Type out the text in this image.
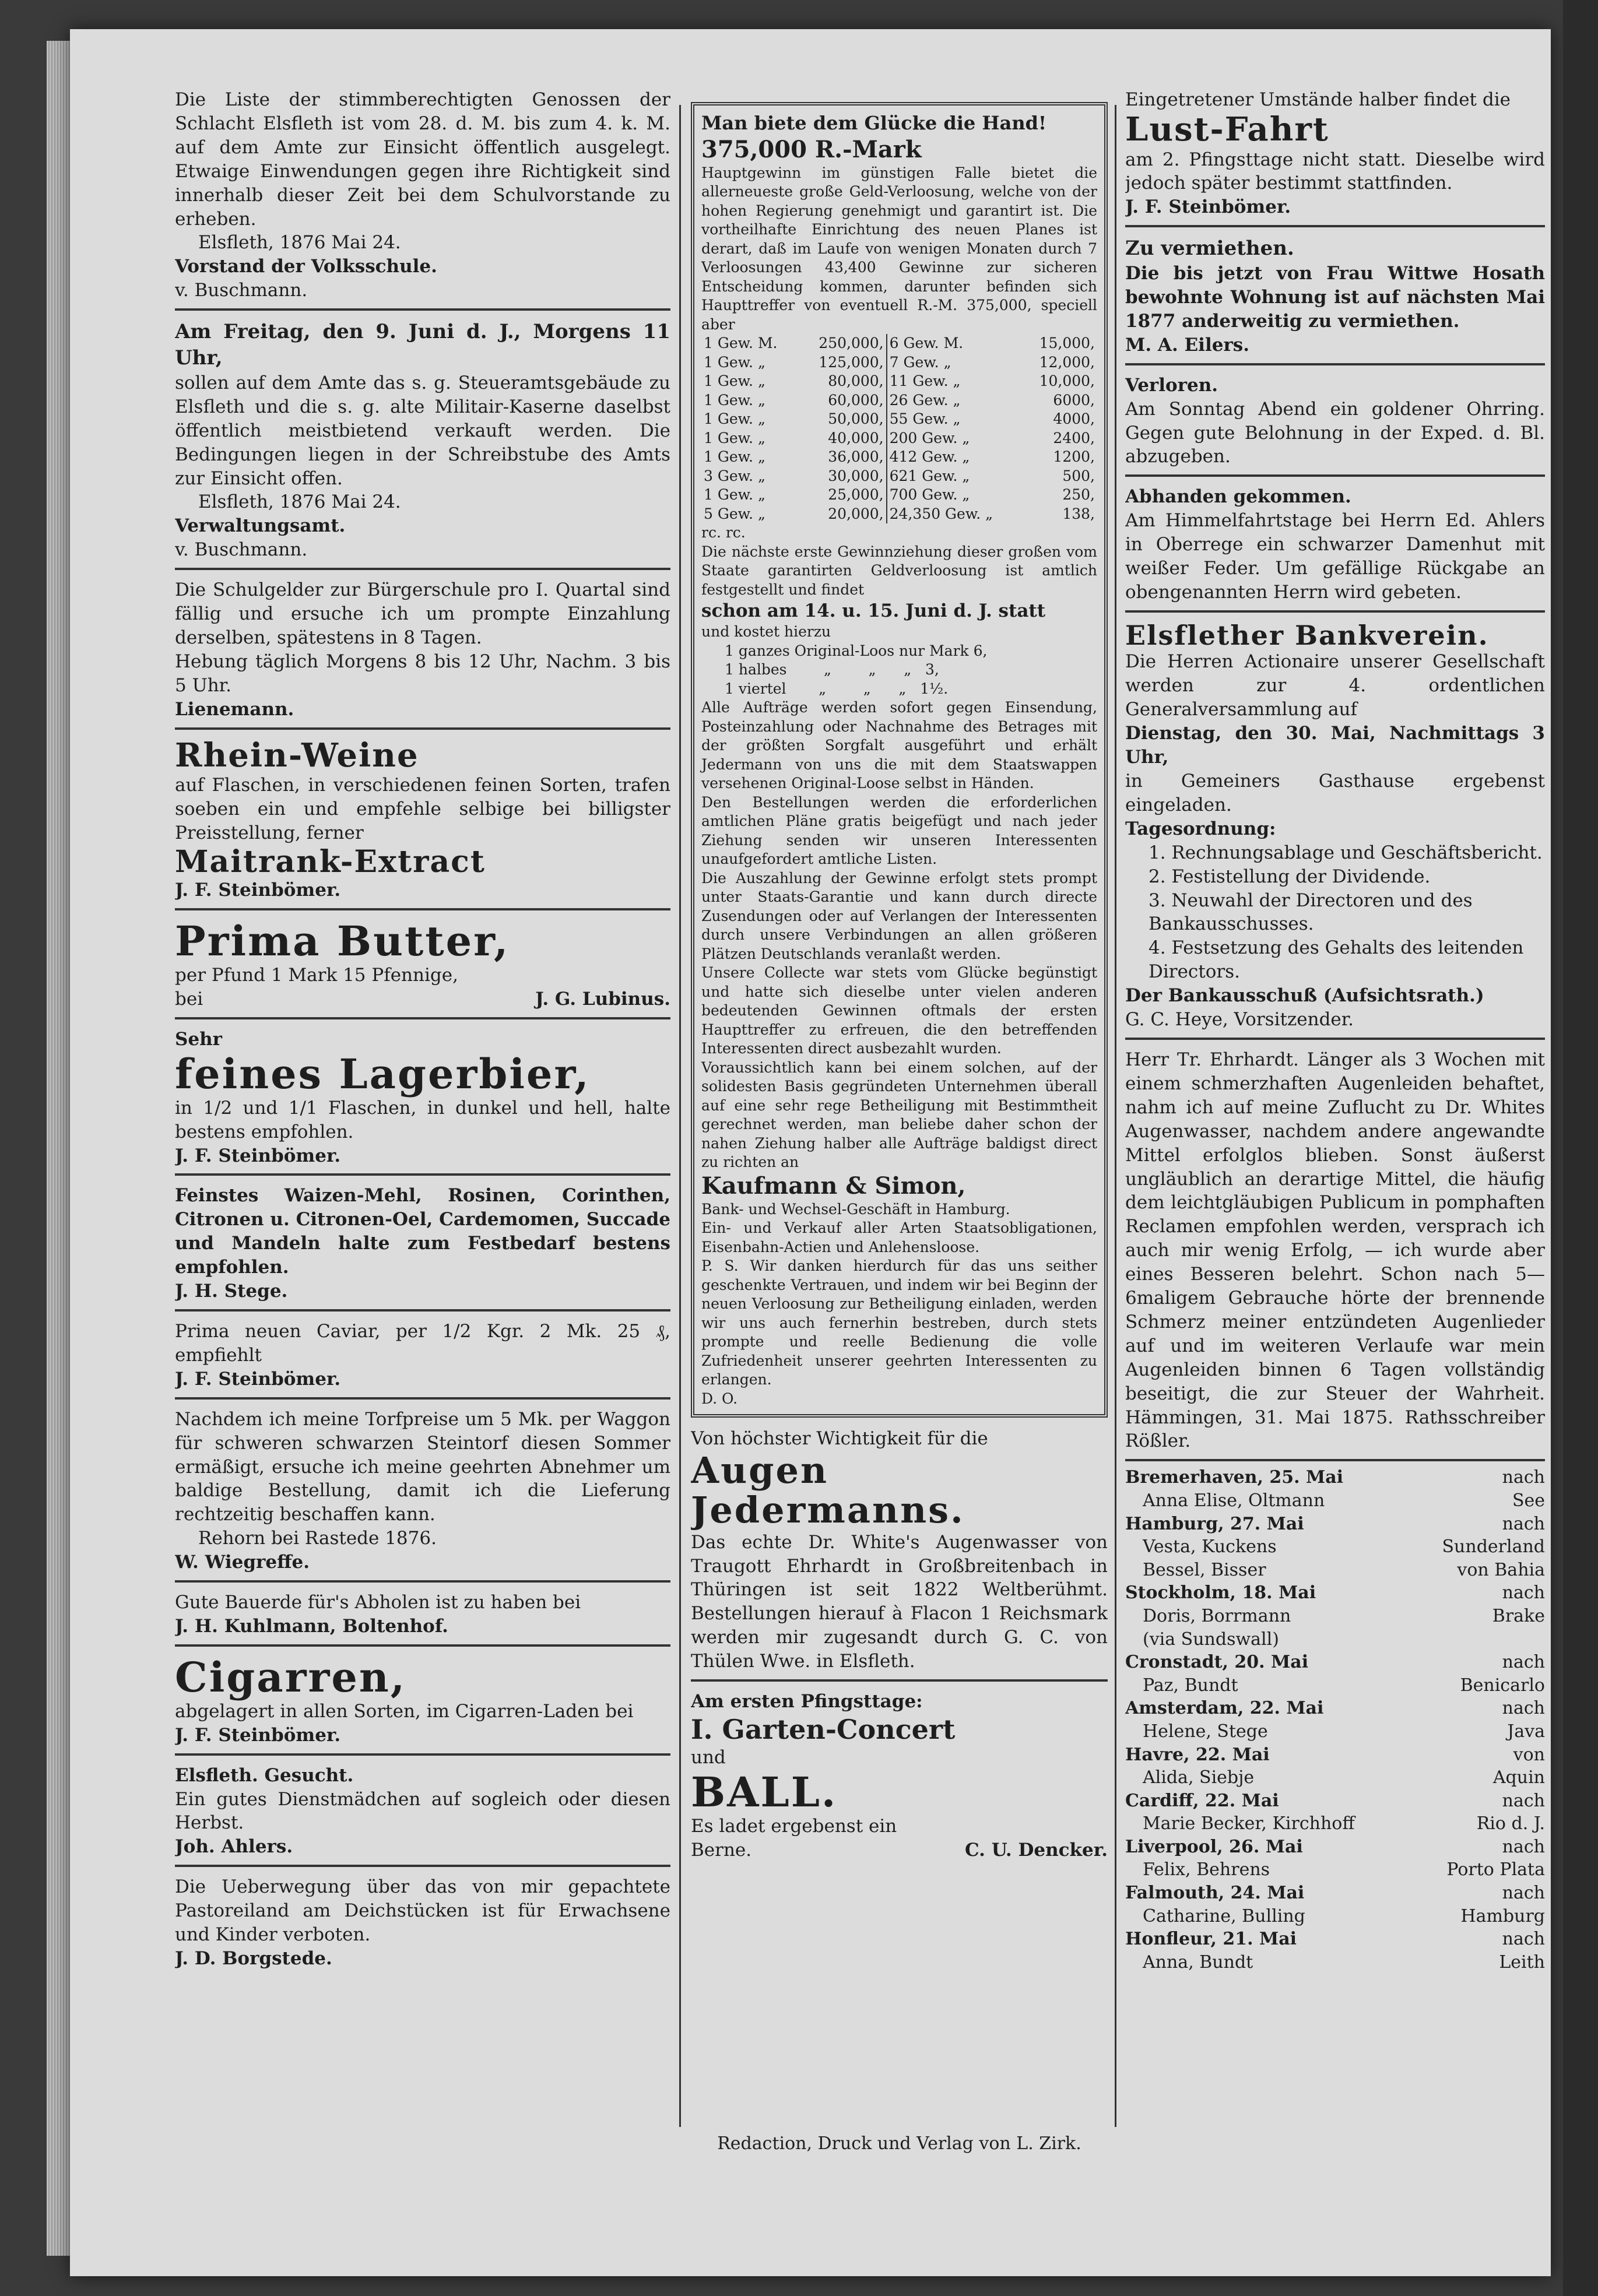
Die Liste der stimmberechtigten Genossen der Schlacht Elsfleth ist vom 28. d. M. bis zum 4. k. M. auf dem Amte zur Einsicht öffentlich ausgelegt. Etwaige Einwendungen gegen ihre Richtigkeit sind innerhalb dieser Zeit bei dem Schulvorstande zu erheben.

Elsfleth, 1876 Mai 24.

Vorstand der Volksschule.

v. Buschmann.

Am Freitag, den 9. Juni d. J., Morgens 11 Uhr,

sollen auf dem Amte das s. g. Steueramtsgebäude zu Elsfleth und die s. g. alte Militair-Kaserne daselbst öffentlich meistbietend verkauft werden. Die Bedingungen liegen in der Schreibstube des Amts zur Einsicht offen.

Elsfleth, 1876 Mai 24.

Verwaltungsamt.

v. Buschmann.

Die Schulgelder zur Bürgerschule pro I. Quartal sind fällig und ersuche ich um prompte Einzahlung derselben, spätestens in 8 Tagen.

Hebung täglich Morgens 8 bis 12 Uhr, Nachm. 3 bis 5 Uhr.

Lienemann.

Rhein-Weine

auf Flaschen, in verschiedenen feinen Sorten, trafen soeben ein und empfehle selbige bei billigster Preisstellung, ferner

Maitrank-Extract

J. F. Steinbömer.

Prima Butter,

per Pfund 1 Mark 15 Pfennige,

bei	J. G. Lubinus.

Sehr

feines Lagerbier,

in 1/2 und 1/1 Flaschen, in dunkel und hell, halte bestens empfohlen.

J. F. Steinbömer.

Feinstes Waizen-Mehl, Rosinen, Corinthen, Citronen u. Citronen-Oel, Cardemomen, Succade und Mandeln halte zum Festbedarf bestens empfohlen.

J. H. Stege.

Prima neuen Caviar, per 1/2 Kgr. 2 Mk. 25 ₰, empfiehlt

J. F. Steinbömer.

Nachdem ich meine Torfpreise um 5 Mk. per Waggon für schweren schwarzen Steintorf diesen Sommer ermäßigt, ersuche ich meine geehrten Abnehmer um baldige Bestellung, damit ich die Lieferung rechtzeitig beschaffen kann.

Rehorn bei Rastede 1876.

W. Wiegreffe.

Gute Bauerde für's Abholen ist zu haben bei

J. H. Kuhlmann, Boltenhof.

Cigarren,

abgelagert in allen Sorten, im Cigarren-Laden bei

J. F. Steinbömer.

Elsfleth. Gesucht.

Ein gutes Dienstmädchen auf sogleich oder diesen Herbst.

Joh. Ahlers.

Die Ueberwegung über das von mir gepachtete Pastoreiland am Deichstücken ist für Erwachsene und Kinder verboten.

J. D. Borgstede.

Man biete dem Glücke die Hand!

375,000 R.-Mark

Hauptgewinn im günstigen Falle bietet die allerneueste große Geld-Verloosung, welche von der hohen Regierung genehmigt und garantirt ist. Die vortheilhafte Einrichtung des neuen Planes ist derart, daß im Laufe von wenigen Monaten durch 7 Verloosungen 43,400 Gewinne zur sicheren Entscheidung kommen, darunter befinden sich Haupttreffer von eventuell R.-M. 375,000, speciell aber

1 Gew. M.	250,000,	6 Gew. M.	15,000,
1 Gew. „	125,000,	7 Gew. „	12,000,
1 Gew. „	80,000,	11 Gew. „	10,000,
1 Gew. „	60,000,	26 Gew. „	6000,
1 Gew. „	50,000,	55 Gew. „	4000,
1 Gew. „	40,000,	200 Gew. „	2400,
1 Gew. „	36,000,	412 Gew. „	1200,
3 Gew. „	30,000,	621 Gew. „	500,
1 Gew. „	25,000,	700 Gew. „	250,
5 Gew. „	20,000,	24,350 Gew. „	138,

rc. rc.

Die nächste erste Gewinnziehung dieser großen vom Staate garantirten Geldverloosung ist amtlich festgestellt und findet

schon am 14. u. 15. Juni d. J. statt

und kostet hierzu

1 ganzes Original-Loos nur Mark 6,
1 halbes        „        „      „   3,
1 viertel       „        „      „   1½.

Alle Aufträge werden sofort gegen Einsendung, Posteinzahlung oder Nachnahme des Betrages mit der größten Sorgfalt ausgeführt und erhält Jedermann von uns die mit dem Staatswappen versehenen Original-Loose selbst in Händen.

Den Bestellungen werden die erforderlichen amtlichen Pläne gratis beigefügt und nach jeder Ziehung senden wir unseren Interessenten unaufgefordert amtliche Listen.

Die Auszahlung der Gewinne erfolgt stets prompt unter Staats-Garantie und kann durch directe Zusendungen oder auf Verlangen der Interessenten durch unsere Verbindungen an allen größeren Plätzen Deutschlands veranlaßt werden.

Unsere Collecte war stets vom Glücke begünstigt und hatte sich dieselbe unter vielen anderen bedeutenden Gewinnen oftmals der ersten Haupttreffer zu erfreuen, die den betreffenden Interessenten direct ausbezahlt wurden.

Voraussichtlich kann bei einem solchen, auf der solidesten Basis gegründeten Unternehmen überall auf eine sehr rege Betheiligung mit Bestimmtheit gerechnet werden, man beliebe daher schon der nahen Ziehung halber alle Aufträge baldigst direct zu richten an

Kaufmann & Simon,

Bank- und Wechsel-Geschäft in Hamburg.

Ein- und Verkauf aller Arten Staatsobligationen, Eisenbahn-Actien und Anlehensloose.

P. S. Wir danken hierdurch für das uns seither geschenkte Vertrauen, und indem wir bei Beginn der neuen Verloosung zur Betheiligung einladen, werden wir uns auch fernerhin bestreben, durch stets prompte und reelle Bedienung die volle Zufriedenheit unserer geehrten Interessenten zu erlangen.

D. O.

Von höchster Wichtigkeit für die

Augen Jedermanns.

Das echte Dr. White's Augenwasser von Traugott Ehrhardt in Großbreitenbach in Thüringen ist seit 1822 Weltberühmt. Bestellungen hierauf à Flacon 1 Reichsmark werden mir zugesandt durch G. C. von Thülen Wwe. in Elsfleth.

Am ersten Pfingsttage:

I. Garten-Concert

und

BALL.

Es ladet ergebenst ein

Berne.	C. U. Dencker.
Redaction, Druck und Verlag von L. Zirk.

Eingetretener Umstände halber findet die

Lust-Fahrt

am 2. Pfingsttage nicht statt. Dieselbe wird jedoch später bestimmt stattfinden.

J. F. Steinbömer.

Zu vermiethen.

Die bis jetzt von Frau Wittwe Hosath bewohnte Wohnung ist auf nächsten Mai 1877 anderweitig zu vermiethen.

M. A. Eilers.

Verloren.

Am Sonntag Abend ein goldener Ohrring. Gegen gute Belohnung in der Exped. d. Bl. abzugeben.

Abhanden gekommen.

Am Himmelfahrtstage bei Herrn Ed. Ahlers in Oberrege ein schwarzer Damenhut mit weißer Feder. Um gefällige Rückgabe an obengenannten Herrn wird gebeten.

Elsflether Bankverein.

Die Herren Actionaire unserer Gesellschaft werden zur 4. ordentlichen Generalversammlung auf

Dienstag, den 30. Mai, Nachmittags 3 Uhr,

in Gemeiners Gasthause ergebenst eingeladen.

Tagesordnung:

1. Rechnungsablage und Geschäftsbericht.
2. Festistellung der Dividende.
3. Neuwahl der Directoren und des Bankausschusses.
4. Festsetzung des Gehalts des leitenden Directors.

Der Bankausschuß (Aufsichtsrath.)

G. C. Heye, Vorsitzender.

Herr Tr. Ehrhardt. Länger als 3 Wochen mit einem schmerzhaften Augenleiden behaftet, nahm ich auf meine Zuflucht zu Dr. Whites Augenwasser, nachdem andere angewandte Mittel erfolglos blieben. Sonst äußerst ungläublich an derartige Mittel, die häufig dem leichtgläubigen Publicum in pomphaften Reclamen empfohlen werden, versprach ich auch mir wenig Erfolg, — ich wurde aber eines Besseren belehrt. Schon nach 5—6maligem Gebrauche hörte der brennende Schmerz meiner entzündeten Augenlieder auf und im weiteren Verlaufe war mein Augenleiden binnen 6 Tagen vollständig beseitigt, die zur Steuer der Wahrheit. Hämmingen, 31. Mai 1875. Rathsschreiber Rößler.

Bremerhaven, 25. Mai	nach
Anna Elise, Oltmann	See
Hamburg, 27. Mai	nach
Vesta, Kuckens	Sunderland
Bessel, Bisser	von Bahia
Stockholm, 18. Mai	nach
Doris, Borrmann	Brake
(via Sundswall)
Cronstadt, 20. Mai	nach
Paz, Bundt	Benicarlo
Amsterdam, 22. Mai	nach
Helene, Stege	Java
Havre, 22. Mai	von
Alida, Siebje	Aquin
Cardiff, 22. Mai	nach
Marie Becker, Kirchhoff	Rio d. J.
Liverpool, 26. Mai	nach
Felix, Behrens	Porto Plata
Falmouth, 24. Mai	nach
Catharine, Bulling	Hamburg
Honfleur, 21. Mai	nach
Anna, Bundt	Leith
